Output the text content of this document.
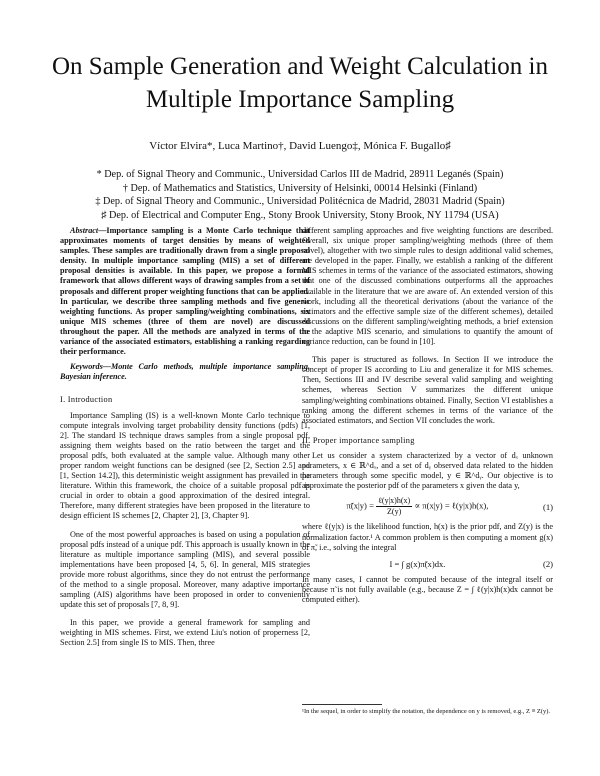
On Sample Generation and Weight Calculation in
Multiple Importance Sampling
Víctor Elvira*, Luca Martino†, David Luengo‡, Mónica F. Bugallo♯
* Dep. of Signal Theory and Communic., Universidad Carlos III de Madrid, 28911 Leganés (Spain)
† Dep. of Mathematics and Statistics, University of Helsinki, 00014 Helsinki (Finland)
‡ Dep. of Signal Theory and Communic., Universidad Politécnica de Madrid, 28031 Madrid (Spain)
♯ Dep. of Electrical and Computer Eng., Stony Brook University, Stony Brook, NY 11794 (USA)

Abstract—Importance sampling is a Monte Carlo technique that approximates moments of target densities by means of weighted samples. These samples are traditionally drawn from a single proposal density. In multiple importance sampling (MIS) a set of different proposal densities is available. In this paper, we propose a formal framework that allows different ways of drawing samples from a set of proposals and different proper weighting functions that can be applied. In particular, we describe three sampling methods and five generic weighting functions. As proper sampling/weighting combinations, six unique MIS schemes (three of them are novel) are discussed throughout the paper. All the methods are analyzed in terms of the variance of the associated estimators, establishing a ranking regarding their performance.

Keywords—Monte Carlo methods, multiple importance sampling, Bayesian inference.

I. Introduction

Importance Sampling (IS) is a well-known Monte Carlo technique to compute integrals involving target probability density functions (pdfs) [1, 2]. The standard IS technique draws samples from a single proposal pdf, assigning them weights based on the ratio between the target and the proposal pdfs, both evaluated at the sample value. Although many other proper random weight functions can be designed (see [2, Section 2.5] and [1, Section 14.2]), this deterministic weight assignment has prevailed in the literature. Within this framework, the choice of a suitable proposal pdf is crucial in order to obtain a good approximation of the desired integral. Therefore, many different strategies have been proposed in the literature to design efficient IS schemes [2, Chapter 2], [3, Chapter 9].

One of the most powerful approaches is based on using a population of proposal pdfs instead of a unique pdf. This approach is usually known in the literature as multiple importance sampling (MIS), and several possible implementations have been proposed [4, 5, 6]. In general, MIS strategies provide more robust algorithms, since they do not entrust the performance of the method to a single proposal. Moreover, many adaptive importance sampling (AIS) algorithms have been proposed in order to conveniently update this set of proposals [7, 8, 9].

In this paper, we provide a general framework for sampling and weighting in MIS schemes. First, we extend Liu's notion of properness [2, Section 2.5] from single IS to MIS. Then, three

different sampling approaches and five weighting functions are described. Overall, six unique proper sampling/weighting methods (three of them novel), altogether with two simple rules to design additional valid schemes, are developed in the paper. Finally, we establish a ranking of the different MIS schemes in terms of the variance of the associated estimators, showing that one of the discussed combinations outperforms all the approaches available in the literature that we are aware of. An extended version of this work, including all the theoretical derivations (about the variance of the estimators and the effective sample size of the different schemes), detailed discussions on the different sampling/weighting methods, a brief extension to the adaptive MIS scenario, and simulations to quantify the amount of variance reduction, can be found in [10].

This paper is structured as follows. In Section II we introduce the concept of proper IS according to Liu and generalize it for MIS schemes. Then, Sections III and IV describe several valid sampling and weighting schemes, whereas Section V summarizes the different unique sampling/weighting combinations obtained. Finally, Section VI establishes a ranking among the different schemes in terms of the variance of the associated estimators, and Section VII concludes the work.

II. Proper importance sampling

Let us consider a system characterized by a vector of dₓ unknown parameters, x ∈ ℝ^dₓ, and a set of dᵧ observed data related to the hidden parameters through some specific model, y ∈ ℝ^dᵧ. Our objective is to approximate the posterior pdf of the parameters x given the data y,

π̃(x|y) = $\frac{\text{ℓ(y|x)h(x)}}{Z(y)} \propto \pi(x|y)$ = ℓ(y|x)h(x),	(1)

where ℓ(y|x) is the likelihood function, h(x) is the prior pdf, and Z(y) is the normalization factor.¹ A common problem is then computing a moment g(x) of π̃, i.e., solving the integral

I = ∫ g(x)π̃(x)dx.	(2)

In many cases, I cannot be computed because of the integral itself or because π̃ is not fully available (e.g., because Z = ∫ ℓ(y|x)h(x)dx cannot be computed either).

¹In the sequel, in order to simplify the notation, the dependence on y is removed, e.g., Z ≡ Z(y).
